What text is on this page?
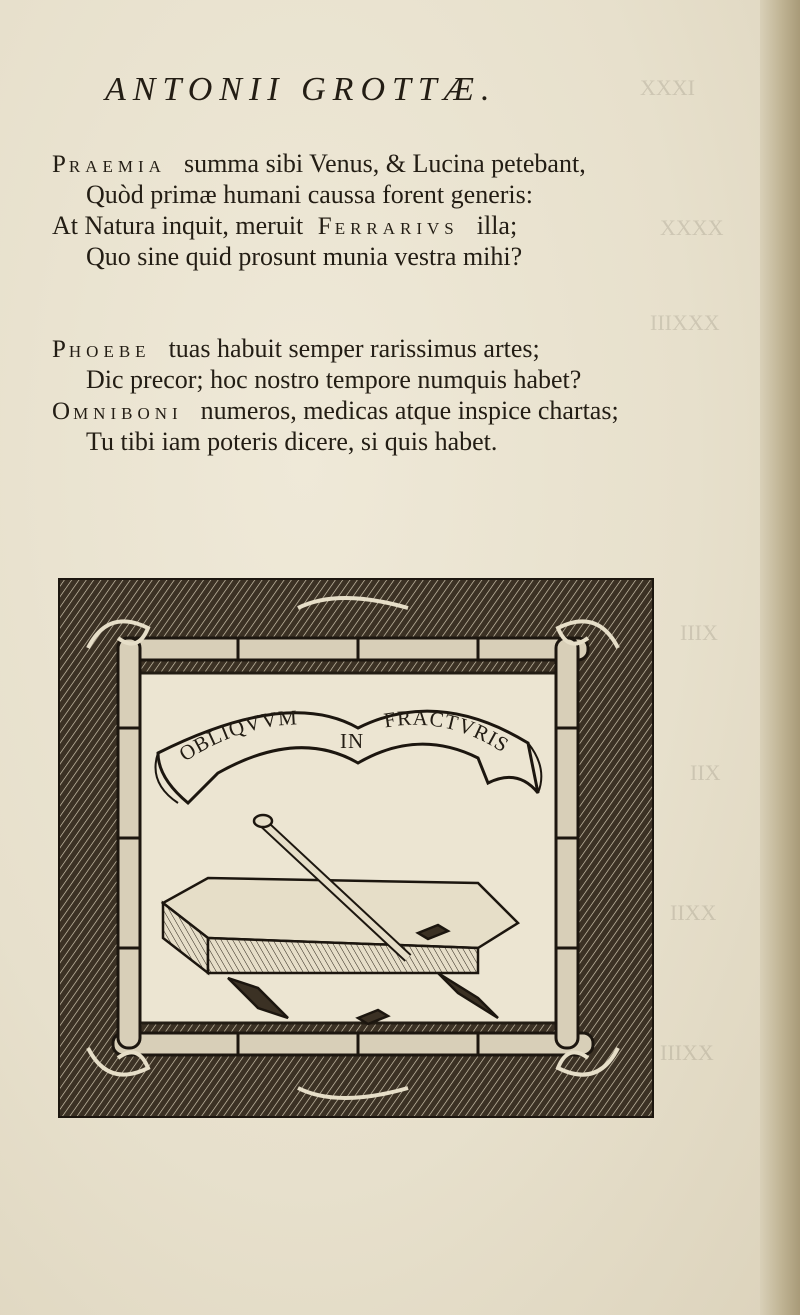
XXXI
XXXX
IIIXXX
IIIX
IIX
IIXX
IIIXX
ANTONII GROTTÆ.
PRAEMIA summa sibi Venus, & Lucina petebant,
Quòd primæ humani caussa forent generis:
At Natura inquit, meruit FERRARIVS illa;
Quo sine quid prosunt munia vestra mihi?
PHOEBE tuas habuit semper rarissimus artes;
Dic precor; hoc nostro tempore numquis habet?
OMNIBONI numeros, medicas atque inspice chartas;
Tu tibi iam poteris dicere, si quis habet.
OBLIQVVM
IN
FRACTVRIS
